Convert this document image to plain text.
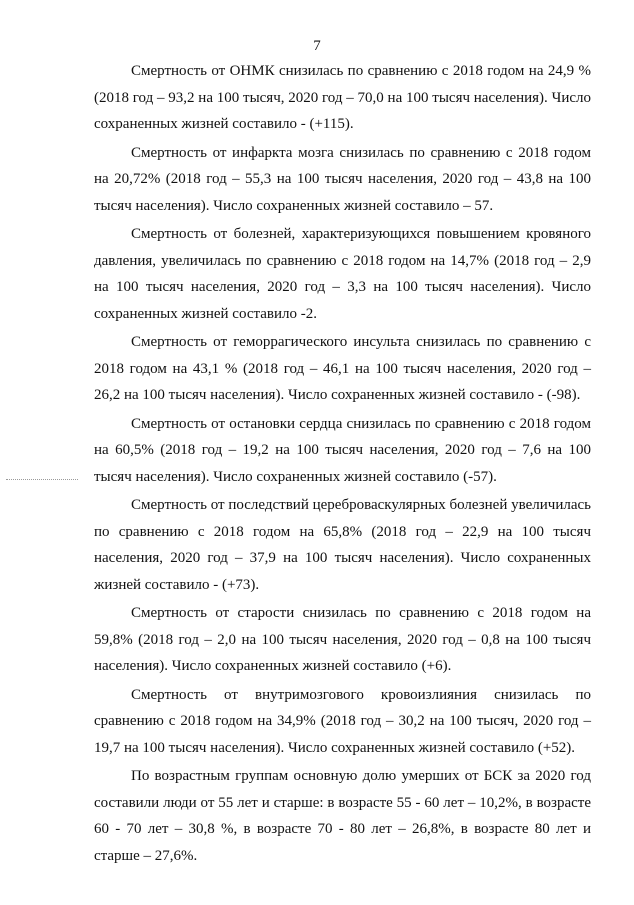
7

Смертность от ОНМК снизилась по сравнению с 2018 годом на 24,9 % (2018 год – 93,2 на 100 тысяч, 2020 год – 70,0 на 100 тысяч населения). Число сохраненных жизней составило - (+115).

Смертность от инфаркта мозга снизилась по сравнению с 2018 годом на 20,72% (2018 год – 55,3 на 100 тысяч населения, 2020 год – 43,8 на 100 тысяч населения). Число сохраненных жизней составило – 57.

Смертность от болезней, характеризующихся повышением кровяного давления, увеличилась по сравнению с 2018 годом на 14,7% (2018 год – 2,9 на 100 тысяч населения, 2020 год – 3,3 на 100 тысяч населения). Число сохраненных жизней составило -2.

Смертность от геморрагического инсульта снизилась по сравнению с 2018 годом на 43,1 % (2018 год – 46,1 на 100 тысяч населения, 2020 год – 26,2 на 100 тысяч населения). Число сохраненных жизней составило - (-98).

Смертность от остановки сердца снизилась по сравнению с 2018 годом на 60,5% (2018 год – 19,2 на 100 тысяч населения, 2020 год – 7,6 на 100 тысяч населения). Число сохраненных жизней составило (-57).

Смертность от последствий цереброваскулярных болезней увеличилась по сравнению с 2018 годом на 65,8% (2018 год – 22,9 на 100 тысяч населения, 2020 год – 37,9 на 100 тысяч населения). Число сохраненных жизней составило - (+73).

Смертность от старости снизилась по сравнению с 2018 годом на 59,8% (2018 год – 2,0 на 100 тысяч населения, 2020 год – 0,8 на 100 тысяч населения). Число сохраненных жизней составило (+6).

Смертность от внутримозгового кровоизлияния снизилась по сравнению с 2018 годом на 34,9% (2018 год – 30,2 на 100 тысяч, 2020 год – 19,7 на 100 тысяч населения). Число сохраненных жизней составило (+52).

По возрастным группам основную долю умерших от БСК за 2020 год составили люди от 55 лет и старше: в возрасте 55 - 60 лет – 10,2%, в возрасте 60 - 70 лет – 30,8 %, в возрасте 70 - 80 лет – 26,8%, в возрасте 80 лет и старше – 27,6%.
